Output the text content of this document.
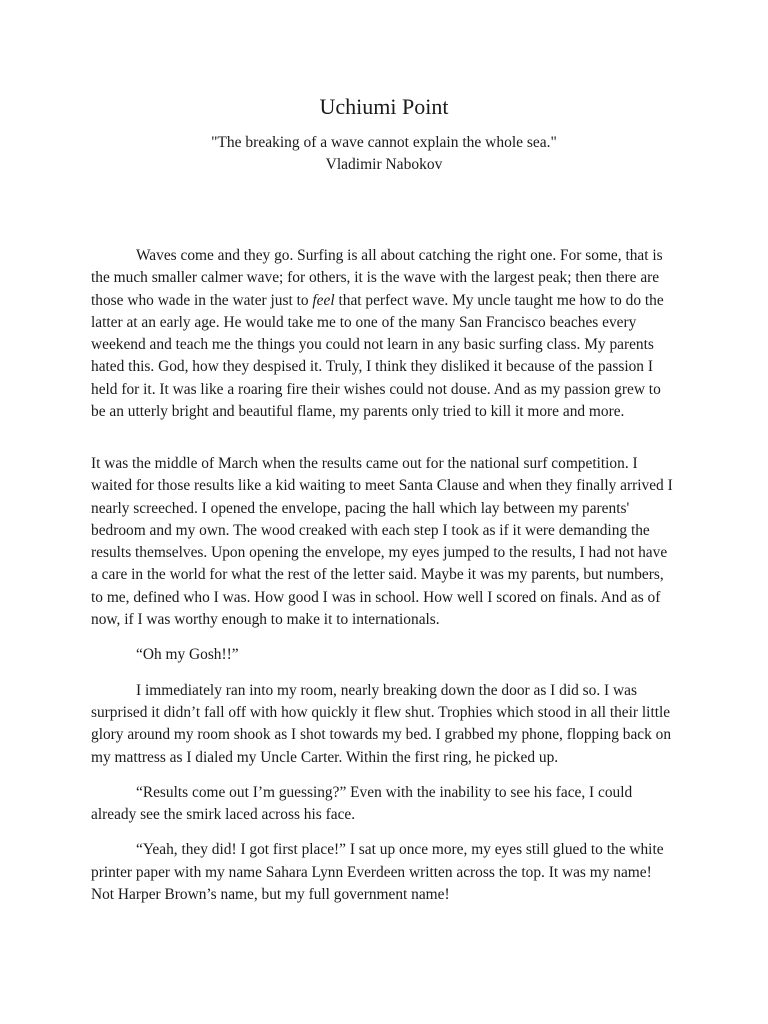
Uchiumi Point
"The breaking of a wave cannot explain the whole sea."
Vladimir Nabokov

Waves come and they go. Surfing is all about catching the right one. For some, that is the much smaller calmer wave; for others, it is the wave with the largest peak; then there are those who wade in the water just to feel that perfect wave. My uncle taught me how to do the latter at an early age. He would take me to one of the many San Francisco beaches every weekend and teach me the things you could not learn in any basic surfing class. My parents hated this. God, how they despised it. Truly, I think they disliked it because of the passion I held for it. It was like a roaring fire their wishes could not douse. And as my passion grew to be an utterly bright and beautiful flame, my parents only tried to kill it more and more.

It was the middle of March when the results came out for the national surf competition. I waited for those results like a kid waiting to meet Santa Clause and when they finally arrived I nearly screeched. I opened the envelope, pacing the hall which lay between my parents' bedroom and my own. The wood creaked with each step I took as if it were demanding the results themselves. Upon opening the envelope, my eyes jumped to the results, I had not have a care in the world for what the rest of the letter said. Maybe it was my parents, but numbers, to me, defined who I was. How good I was in school. How well I scored on finals. And as of now, if I was worthy enough to make it to internationals.

“Oh my Gosh!!”

I immediately ran into my room, nearly breaking down the door as I did so. I was surprised it didn’t fall off with how quickly it flew shut. Trophies which stood in all their little glory around my room shook as I shot towards my bed. I grabbed my phone, flopping back on my mattress as I dialed my Uncle Carter. Within the first ring, he picked up.

“Results come out I’m guessing?” Even with the inability to see his face, I could already see the smirk laced across his face.

“Yeah, they did! I got first place!” I sat up once more, my eyes still glued to the white printer paper with my name Sahara Lynn Everdeen written across the top. It was my name! Not Harper Brown’s name, but my full government name!
